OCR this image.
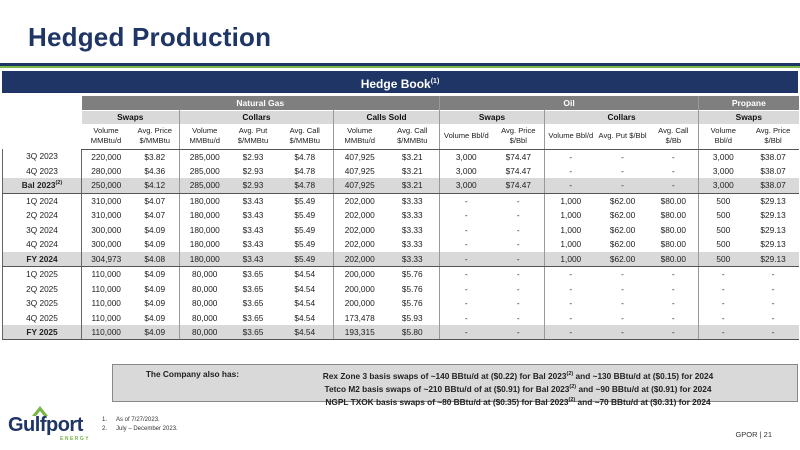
Hedged Production
Hedge Book$^{(1)}$
	Natural Gas							Oil					Propane	
	Swaps		Collars			Calls Sold		Swaps		Collars			Swaps	
	Volume MMBtu/d	Avg. Price $/MMBtu	Volume MMBtu/d	Avg. Put $/MMBtu	Avg. Call $/MMBtu	Volume MMBtu/d	Avg. Call $/MMBtu	Volume Bbl/d	Avg. Price $/Bbl	Volume Bbl/d	Avg. Put $/Bbl	Avg. Call $/Bb	Volume Bbl/d	Avg. Price $/Bbl
3Q 2023	220,000	$3.82	285,000	$2.93	$4.78	407,925	$3.21	3,000	$74.47	-	-	-	3,000	$38.07
4Q 2023	280,000	$4.36	285,000	$2.93	$4.78	407,925	$3.21	3,000	$74.47	-	-	-	3,000	$38.07
Bal 2023$^{(2)}$	250,000	$4.12	285,000	$2.93	$4.78	407,925	$3.21	3,000	$74.47	-	-	-	3,000	$38.07
1Q 2024	310,000	$4.07	180,000	$3.43	$5.49	202,000	$3.33	-	-	1,000	$62.00	$80.00	500	$29.13
2Q 2024	310,000	$4.07	180,000	$3.43	$5.49	202,000	$3.33	-	-	1,000	$62.00	$80.00	500	$29.13
3Q 2024	300,000	$4.09	180,000	$3.43	$5.49	202,000	$3.33	-	-	1,000	$62.00	$80.00	500	$29.13
4Q 2024	300,000	$4.09	180,000	$3.43	$5.49	202,000	$3.33	-	-	1,000	$62.00	$80.00	500	$29.13
FY 2024	304,973	$4.08	180,000	$3.43	$5.49	202,000	$3.33	-	-	1,000	$62.00	$80.00	500	$29.13
1Q 2025	110,000	$4.09	80,000	$3.65	$4.54	200,000	$5.76	-	-	-	-	-	-	-
2Q 2025	110,000	$4.09	80,000	$3.65	$4.54	200,000	$5.76	-	-	-	-	-	-	-
3Q 2025	110,000	$4.09	80,000	$3.65	$4.54	200,000	$5.76	-	-	-	-	-	-	-
4Q 2025	110,000	$4.09	80,000	$3.65	$4.54	173,478	$5.93	-	-	-	-	-	-	-
FY 2025	110,000	$4.09	80,000	$3.65	$4.54	193,315	$5.80	-	-	-	-	-	-	-
The Company also has:	Rex Zone 3 basis swaps of ~140 BBtu/d at ($0.22) for Bal 2023$^{(2)}$ and ~130 BBtu/d at ($0.15) for 2024
Tetco M2 basis swaps of ~210 BBtu/d of at ($0.91) for Bal 2023$^{(2)}$ and ~90 BBtu/d at ($0.91) for 2024
NGPL TXOK basis swaps of ~80 BBtu/d at ($0.35) for Bal 2023$^{(2)}$ and ~70 BBtu/d at ($0.31) for 2024
Gulfport
ENERGY
1. As of 7/27/2023.
2. July – December 2023.
GPOR | 21
